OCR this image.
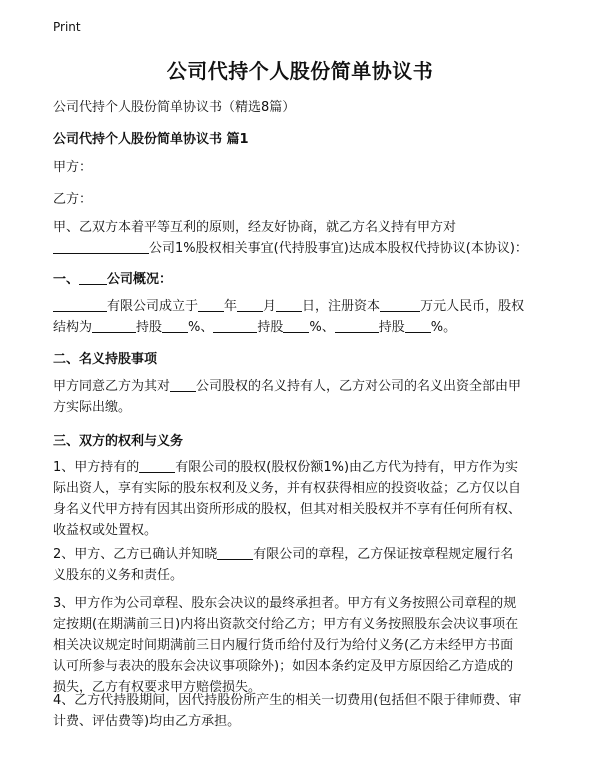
Print
公司代持个人股份简单协议书
公司代持个人股份简单协议书（精选8篇）
公司代持个人股份简单协议书 篇1
甲方：
乙方：
甲、乙双方本着平等互利的原则，经友好协商，就乙方名义持有甲方对
公司1%股权相关事宜(代持股事宜)达成本股权代持协议(本协议)：
一、 公司概况：
有限公司成立于 年 月 日，注册资本	万元人民币，股权
结构为	持股 %、	持股 %、	持股 %。
二、名义持股事项
甲方同意乙方为其对 公司股权的名义持有人，乙方对公司的名义出资全部由甲
方实际出缴。
三、双方的权利与义务
1、甲方持有的	有限公司的股权(股权份额1%)由乙方代为持有，甲方作为实
际出资人，享有实际的股东权利及义务，并有权获得相应的投资收益；乙方仅以自
身名义代甲方持有因其出资所形成的股权，但其对相关股权并不享有任何所有权、
收益权或处置权。
2、甲方、乙方已确认并知晓	有限公司的章程，乙方保证按章程规定履行名
义股东的义务和责任。
3、甲方作为公司章程、股东会决议的最终承担者。甲方有义务按照公司章程的规
定按期(在期满前三日)内将出资款交付给乙方；甲方有义务按照股东会决议事项在
相关决议规定时间期满前三日内履行货币给付及行为给付义务(乙方未经甲方书面
认可所参与表决的股东会决议事项除外)；如因本条约定及甲方原因给乙方造成的
损失，乙方有权要求甲方赔偿损失。
4、乙方代持股期间，因代持股份所产生的相关一切费用(包括但不限于律师费、审
计费、评估费等)均由乙方承担。
